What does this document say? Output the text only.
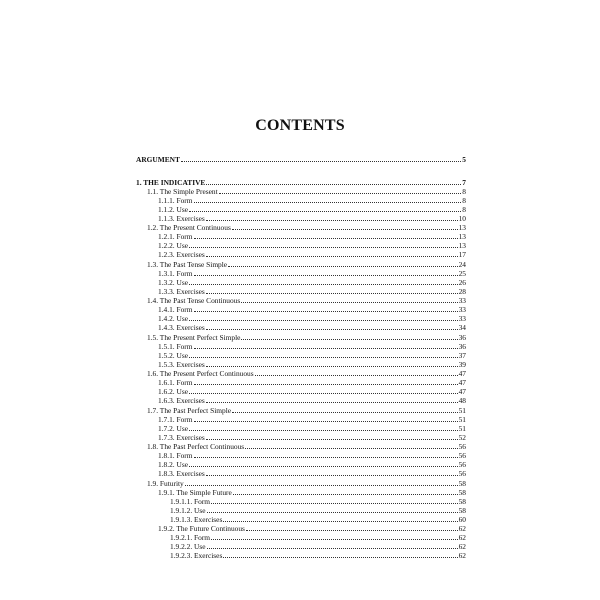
CONTENTS
ARGUMENT	5
1. THE INDICATIVE	7
1.1. The Simple Present	8
1.1.1. Form	8
1.1.2. Use	8
1.1.3. Exercises	10
1.2. The Present Continuous	13
1.2.1. Form	13
1.2.2. Use	13
1.2.3. Exercises	17
1.3. The Past Tense Simple	24
1.3.1. Form	25
1.3.2. Use	26
1.3.3. Exercises	28
1.4. The Past Tense Continuous	33
1.4.1. Form	33
1.4.2. Use	33
1.4.3. Exercises	34
1.5. The Present Perfect Simple	36
1.5.1. Form	36
1.5.2. Use	37
1.5.3. Exercises	39
1.6. The Present Perfect Continuous	47
1.6.1. Form	47
1.6.2. Use	47
1.6.3. Exercises	48
1.7. The Past Perfect Simple	51
1.7.1. Form	51
1.7.2. Use	51
1.7.3. Exercises	52
1.8. The Past Perfect Continuous	56
1.8.1. Form	56
1.8.2. Use	56
1.8.3. Exercises	56
1.9. Futurity	58
1.9.1. The Simple Future	58
1.9.1.1. Form	58
1.9.1.2. Use	58
1.9.1.3. Exercises	60
1.9.2. The Future Continuous	62
1.9.2.1. Form	62
1.9.2.2. Use	62
1.9.2.3. Exercises	62
